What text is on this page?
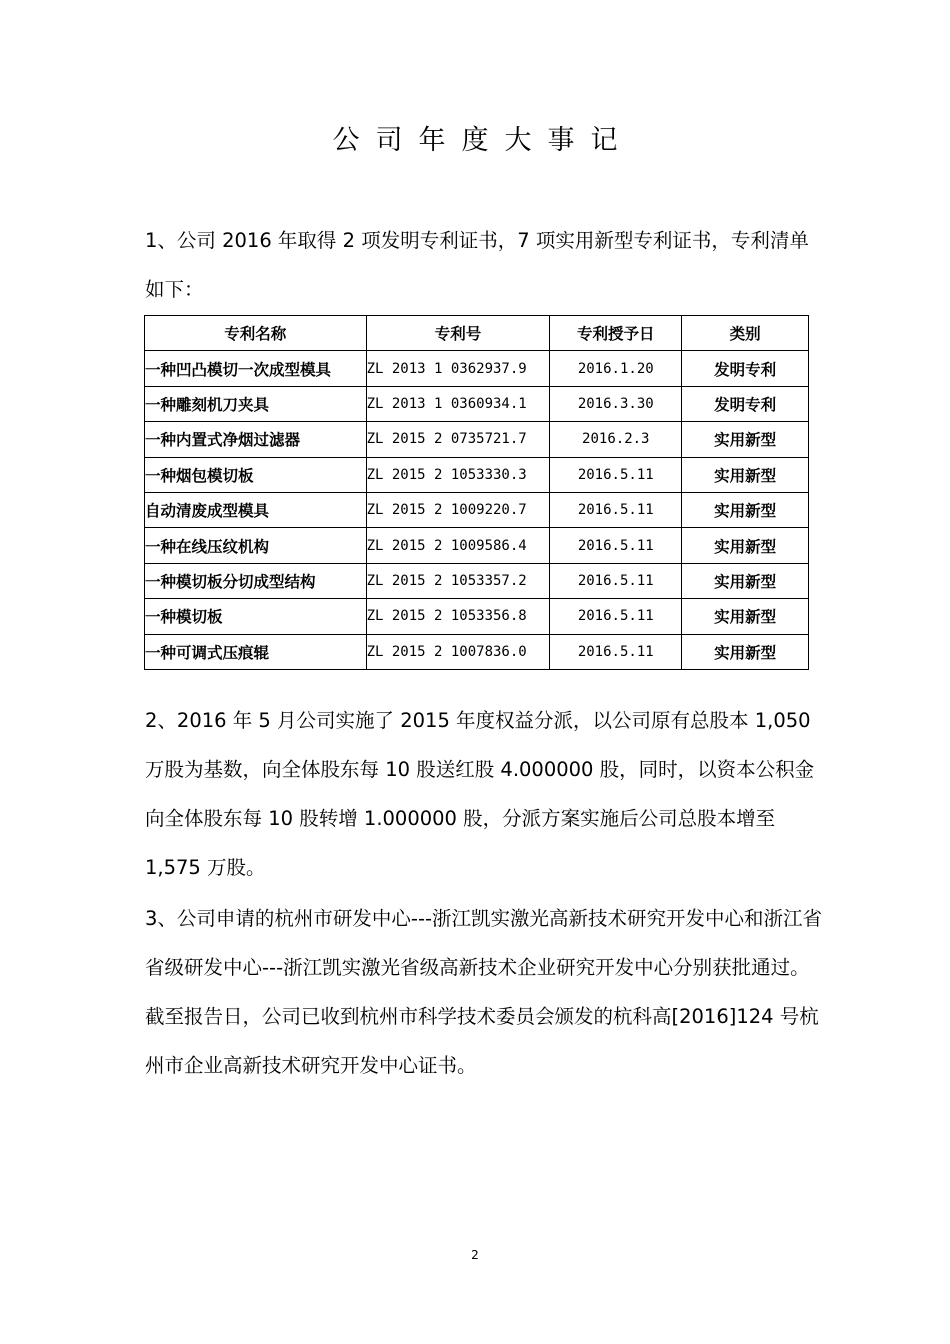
公司年度大事记

1、公司 2016 年取得 2 项发明专利证书，7 项实用新型专利证书，专利清单如下：

专利名称	专利号	专利授予日	类别
一种凹凸模切一次成型模具	ZL 2013 1 0362937.9	2016.1.20	发明专利
一种雕刻机刀夹具	ZL 2013 1 0360934.1	2016.3.30	发明专利
一种内置式净烟过滤器	ZL 2015 2 0735721.7	2016.2.3	实用新型
一种烟包模切板	ZL 2015 2 1053330.3	2016.5.11	实用新型
自动清废成型模具	ZL 2015 2 1009220.7	2016.5.11	实用新型
一种在线压纹机构	ZL 2015 2 1009586.4	2016.5.11	实用新型
一种模切板分切成型结构	ZL 2015 2 1053357.2	2016.5.11	实用新型
一种模切板	ZL 2015 2 1053356.8	2016.5.11	实用新型
一种可调式压痕辊	ZL 2015 2 1007836.0	2016.5.11	实用新型

2、2016 年 5 月公司实施了 2015 年度权益分派，以公司原有总股本 1,050 万股为基数，向全体股东每 10 股送红股 4.000000 股，同时，以资本公积金向全体股东每 10 股转增 1.000000 股，分派方案实施后公司总股本增至 1,575 万股。

3、公司申请的杭州市研发中心---浙江凯实激光高新技术研究开发中心和浙江省省级研发中心---浙江凯实激光省级高新技术企业研究开发中心分别获批通过。截至报告日，公司已收到杭州市科学技术委员会颁发的杭科高[2016]124 号杭州市企业高新技术研究开发中心证书。

2
